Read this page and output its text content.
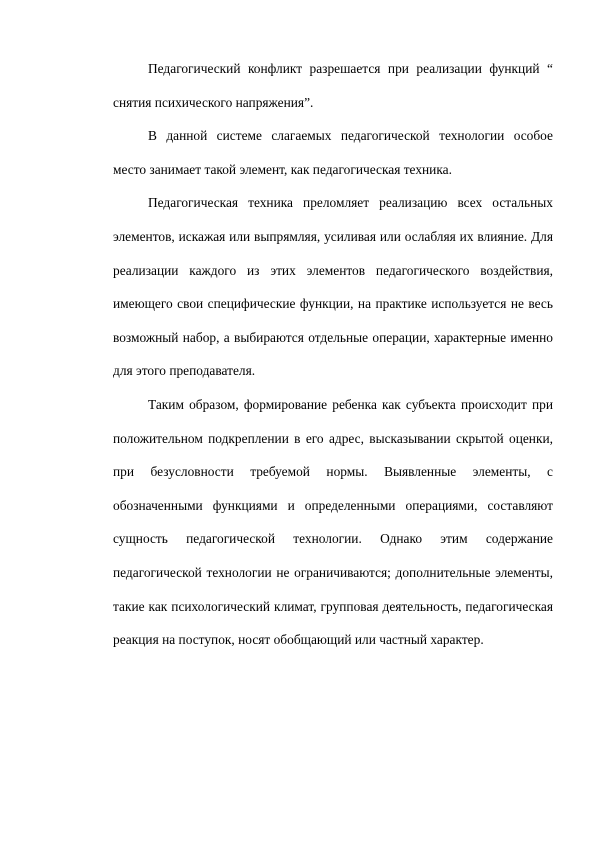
Педагогический конфликт разрешается при реализации функций “ снятия психического напряжения”.

В данной системе слагаемых педагогической технологии особое место занимает такой элемент, как педагогическая техника.

Педагогическая техника преломляет реализацию всех остальных элементов, искажая или выпрямляя, усиливая или ослабляя их влияние. Для реализации каждого из этих элементов педагогического воздействия, имеющего свои специфические функции, на практике используется не весь возможный набор, а выбираются отдельные операции, характерные именно для этого преподавателя.

Таким образом, формирование ребенка как субъекта происходит при положительном подкреплении в его адрес, высказывании скрытой оценки, при безусловности требуемой нормы. Выявленные элементы, с обозначенными функциями и определенными операциями, составляют сущность педагогической технологии. Однако этим содержание педагогической технологии не ограничиваются; дополнительные элементы, такие как психологический климат, групповая деятельность, педагогическая реакция на поступок, носят обобщающий или частный характер.
